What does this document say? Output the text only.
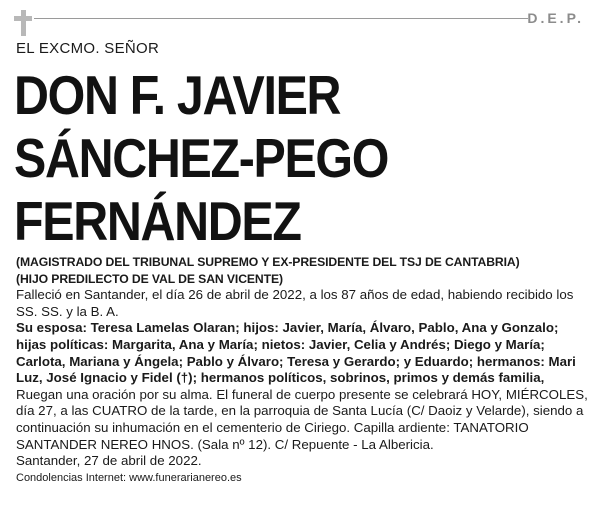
D.E.P.
EL EXCMO. SEÑOR
DON F. JAVIER
SÁNCHEZ-PEGO
FERNÁNDEZ

(MAGISTRADO DEL TRIBUNAL SUPREMO Y EX-PRESIDENTE DEL TSJ DE CANTABRIA)

(HIJO PREDILECTO DE VAL DE SAN VICENTE)

Falleció en Santander, el día 26 de abril de 2022, a los 87 años de edad, habiendo recibido los SS. SS. y la B. A.

Su esposa: Teresa Lamelas Olaran; hijos: Javier, María, Álvaro, Pablo, Ana y Gonzalo; hijas políticas: Margarita, Ana y María; nietos: Javier, Celia y Andrés; Diego y María; Carlota, Mariana y Ángela; Pablo y Álvaro; Teresa y Gerardo; y Eduardo; hermanos: Mari Luz, José Ignacio y Fidel (†); hermanos políticos, sobrinos, primos y demás familia,

Ruegan una oración por su alma. El funeral de cuerpo presente se celebrará HOY, MIÉRCOLES, día 27, a las CUATRO de la tarde, en la parroquia de Santa Lucía (C/ Daoiz y Velarde), siendo a continuación su inhumación en el cementerio de Ciriego. Capilla ardiente: TANATORIO SANTANDER NEREO HNOS. (Sala nº 12). C/ Repuente - La Albericia.

Santander, 27 de abril de 2022.

Condolencias Internet: www.funerarianereo.es
